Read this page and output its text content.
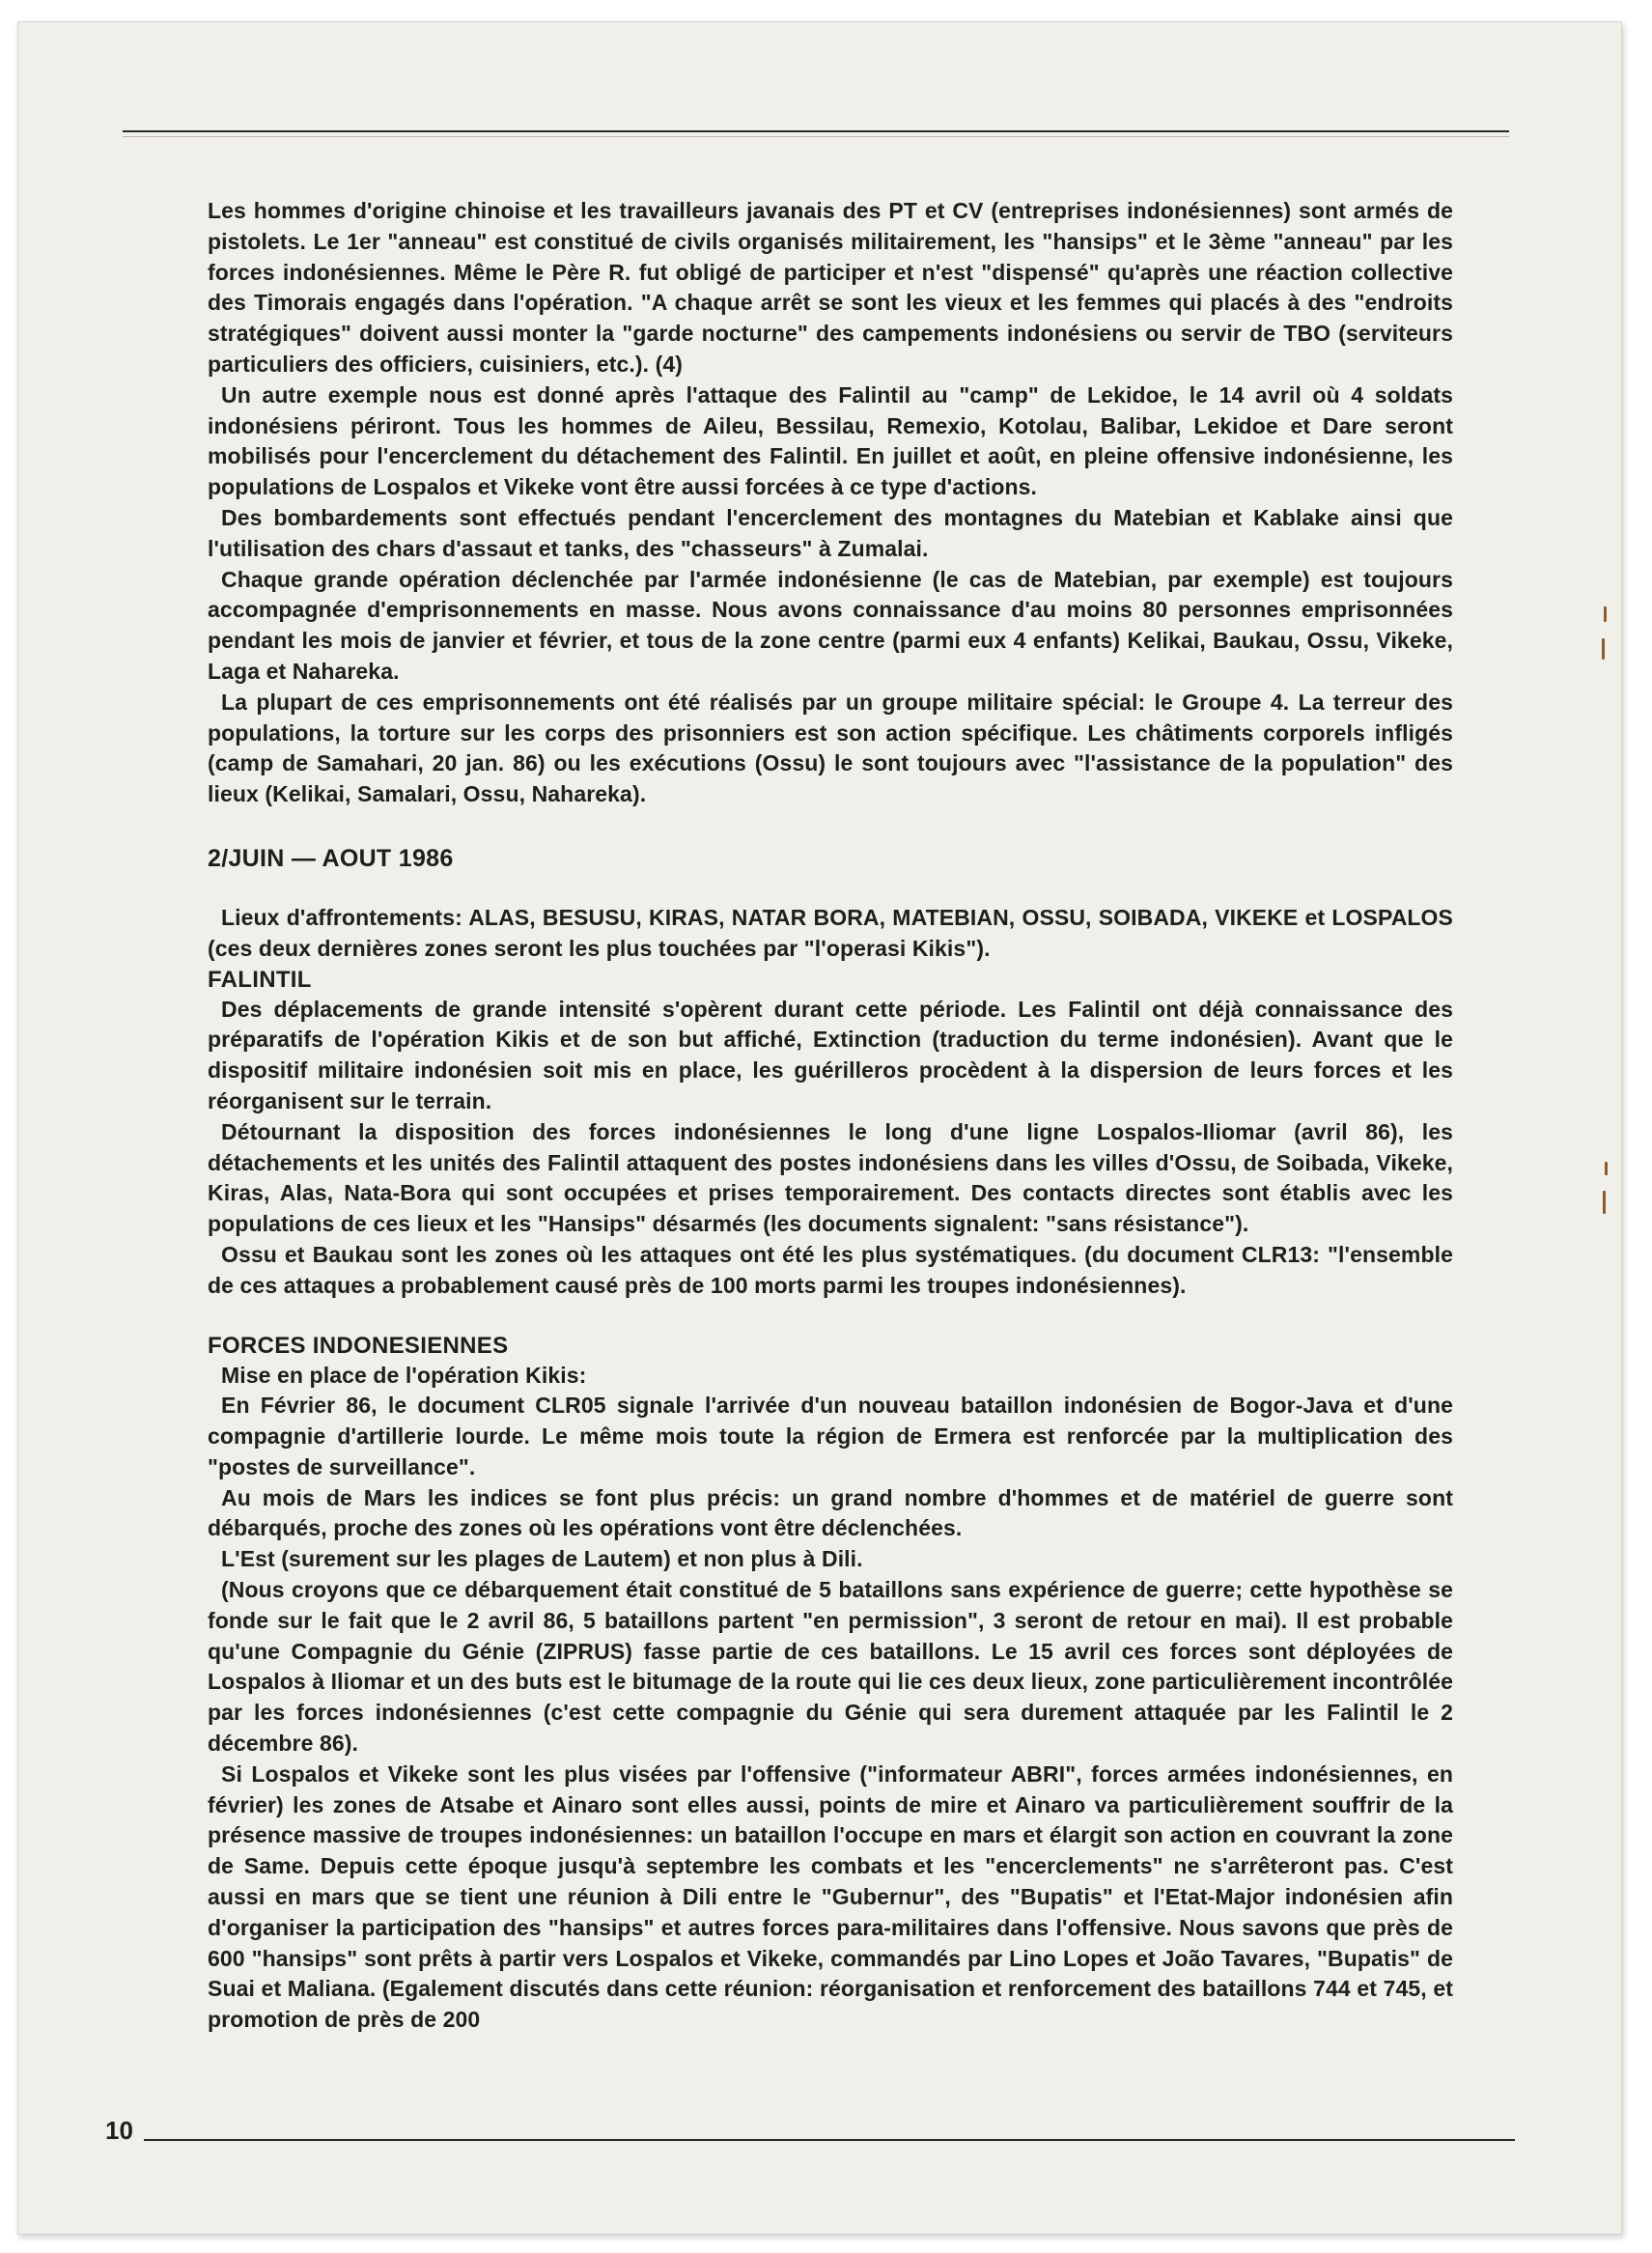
Les hommes d'origine chinoise et les travailleurs javanais des PT et CV (entreprises indonésiennes) sont armés de pistolets. Le 1er "anneau" est constitué de civils organisés militairement, les "hansips" et le 3ème "anneau" par les forces indonésiennes. Même le Père R. fut obligé de participer et n'est "dispensé" qu'après une réaction collective des Timorais engagés dans l'opération. "A chaque arrêt se sont les vieux et les femmes qui placés à des "endroits stratégiques" doivent aussi monter la "garde nocturne" des campements indonésiens ou servir de TBO (serviteurs particuliers des officiers, cuisiniers, etc.). (4)

Un autre exemple nous est donné après l'attaque des Falintil au "camp" de Lekidoe, le 14 avril où 4 soldats indonésiens périront. Tous les hommes de Aileu, Bessilau, Remexio, Kotolau, Balibar, Lekidoe et Dare seront mobilisés pour l'encerclement du détachement des Falintil. En juillet et août, en pleine offensive indonésienne, les populations de Lospalos et Vikeke vont être aussi forcées à ce type d'actions.

Des bombardements sont effectués pendant l'encerclement des montagnes du Matebian et Kablake ainsi que l'utilisation des chars d'assaut et tanks, des "chasseurs" à Zumalai.

Chaque grande opération déclenchée par l'armée indonésienne (le cas de Matebian, par exemple) est toujours accompagnée d'emprisonnements en masse. Nous avons connaissance d'au moins 80 personnes emprisonnées pendant les mois de janvier et février, et tous de la zone centre (parmi eux 4 enfants) Kelikai, Baukau, Ossu, Vikeke, Laga et Nahareka.

La plupart de ces emprisonnements ont été réalisés par un groupe militaire spécial: le Groupe 4. La terreur des populations, la torture sur les corps des prisonniers est son action spécifique. Les châtiments corporels infligés (camp de Samahari, 20 jan. 86) ou les exécutions (Ossu) le sont toujours avec "l'assistance de la population" des lieux (Kelikai, Samalari, Ossu, Nahareka).

2/JUIN — AOUT 1986

Lieux d'affrontements: ALAS, BESUSU, KIRAS, NATAR BORA, MATEBIAN, OSSU, SOIBADA, VIKEKE et LOSPALOS (ces deux dernières zones seront les plus touchées par "l'operasi Kikis").

FALINTIL

Des déplacements de grande intensité s'opèrent durant cette période. Les Falintil ont déjà connaissance des préparatifs de l'opération Kikis et de son but affiché, Extinction (traduction du terme indonésien). Avant que le dispositif militaire indonésien soit mis en place, les guérilleros procèdent à la dispersion de leurs forces et les réorganisent sur le terrain.

Détournant la disposition des forces indonésiennes le long d'une ligne Lospalos-Iliomar (avril 86), les détachements et les unités des Falintil attaquent des postes indonésiens dans les villes d'Ossu, de Soibada, Vikeke, Kiras, Alas, Nata-Bora qui sont occupées et prises temporairement. Des contacts directes sont établis avec les populations de ces lieux et les "Hansips" désarmés (les documents signalent: "sans résistance").

Ossu et Baukau sont les zones où les attaques ont été les plus systématiques. (du document CLR13: "l'ensemble de ces attaques a probablement causé près de 100 morts parmi les troupes indonésiennes).

FORCES INDONESIENNES

Mise en place de l'opération Kikis:

En Février 86, le document CLR05 signale l'arrivée d'un nouveau bataillon indonésien de Bogor-Java et d'une compagnie d'artillerie lourde. Le même mois toute la région de Ermera est renforcée par la multiplication des "postes de surveillance".

Au mois de Mars les indices se font plus précis: un grand nombre d'hommes et de matériel de guerre sont débarqués, proche des zones où les opérations vont être déclenchées.

L'Est (surement sur les plages de Lautem) et non plus à Dili.

(Nous croyons que ce débarquement était constitué de 5 bataillons sans expérience de guerre; cette hypothèse se fonde sur le fait que le 2 avril 86, 5 bataillons partent "en permission", 3 seront de retour en mai). Il est probable qu'une Compagnie du Génie (ZIPRUS) fasse partie de ces bataillons. Le 15 avril ces forces sont déployées de Lospalos à Iliomar et un des buts est le bitumage de la route qui lie ces deux lieux, zone particulièrement incontrôlée par les forces indonésiennes (c'est cette compagnie du Génie qui sera durement attaquée par les Falintil le 2 décembre 86).

Si Lospalos et Vikeke sont les plus visées par l'offensive ("informateur ABRI", forces armées indonésiennes, en février) les zones de Atsabe et Ainaro sont elles aussi, points de mire et Ainaro va particulièrement souffrir de la présence massive de troupes indonésiennes: un bataillon l'occupe en mars et élargit son action en couvrant la zone de Same. Depuis cette époque jusqu'à septembre les combats et les "encerclements" ne s'arrêteront pas. C'est aussi en mars que se tient une réunion à Dili entre le "Gubernur", des "Bupatis" et l'Etat-Major indonésien afin d'organiser la participation des "hansips" et autres forces para-militaires dans l'offensive. Nous savons que près de 600 "hansips" sont prêts à partir vers Lospalos et Vikeke, commandés par Lino Lopes et João Tavares, "Bupatis" de Suai et Maliana. (Egalement discutés dans cette réunion: réorganisation et renforcement des bataillons 744 et 745, et promotion de près de 200

10
